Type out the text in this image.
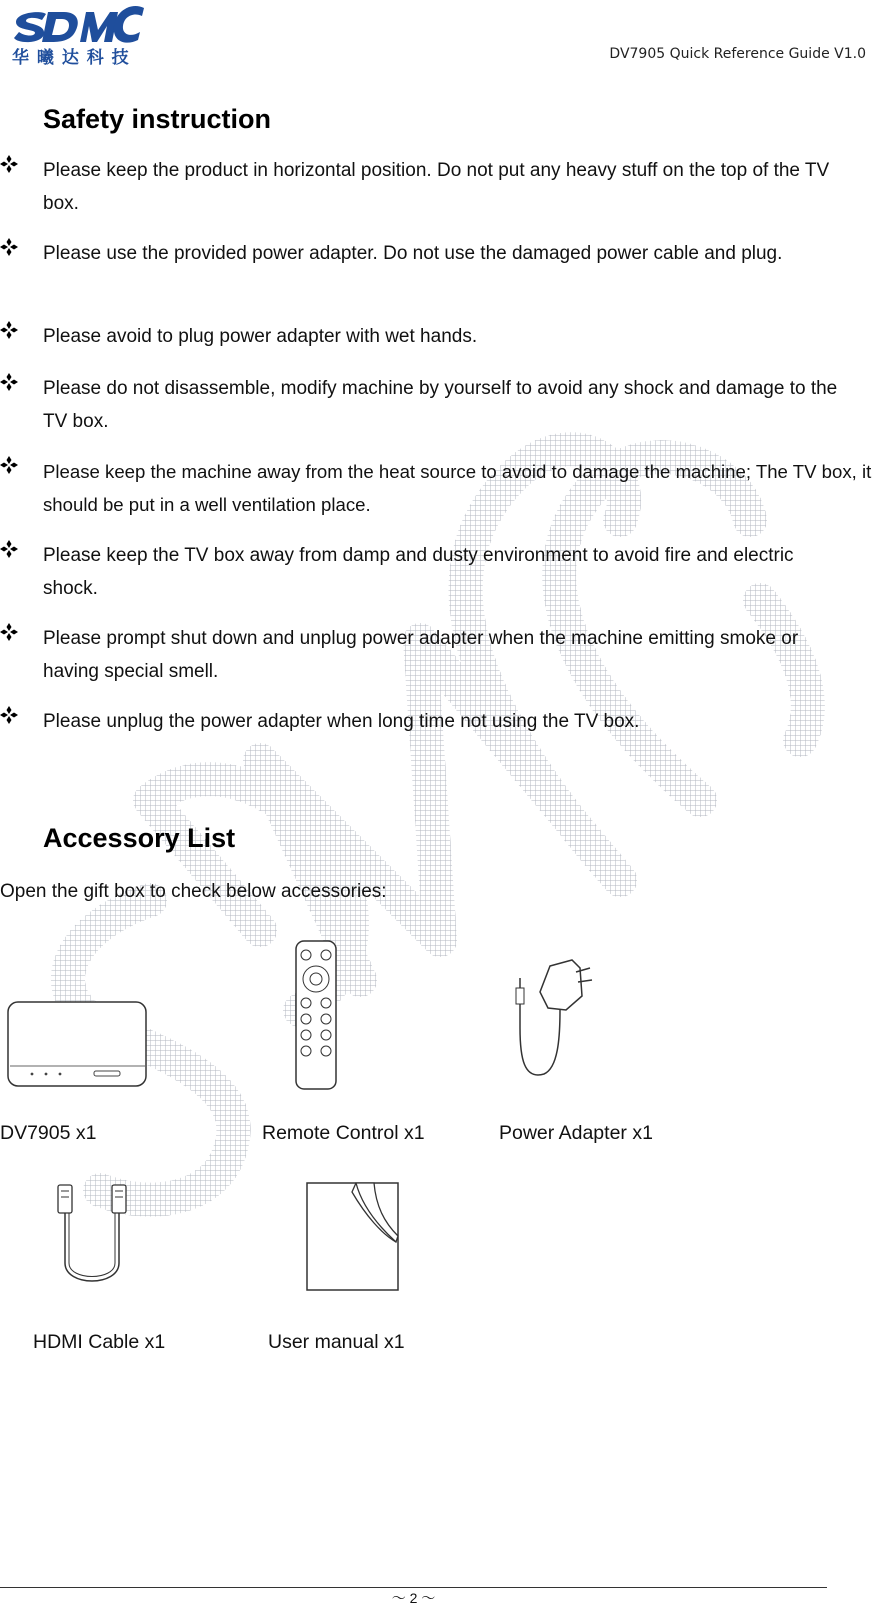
华 曦 达 科 技	DV7905 Quick Reference Guide V1.0
Safety instruction
Please keep the product in horizontal position. Do not put any heavy stuff on the top of the TV box.
Please use the provided power adapter. Do not use the damaged power cable and plug.
Please avoid to plug power adapter with wet hands.
Please do not disassemble, modify machine by yourself to avoid any shock and damage to the TV box.
Please keep the machine away from the heat source to avoid to damage the machine; The TV box, it should be put in a well ventilation place.
Please keep the TV box away from damp and dusty environment to avoid fire and electric shock.
Please prompt shut down and unplug power adapter when the machine emitting smoke or having special smell.
Please unplug the power adapter when long time not using the TV box.
Accessory List
Open the gift box to check below accessories:
DV7905 x1	Remote Control x1	Power Adapter x1
HDMI Cable x1	User manual x1
～ 2 ～
